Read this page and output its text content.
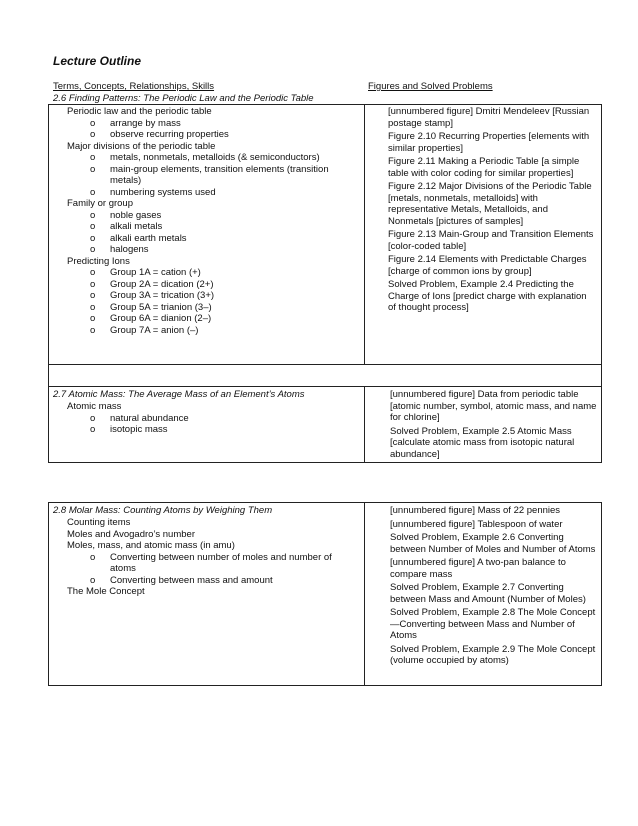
Lecture Outline
Terms, Concepts, Relationships, Skills	Figures and Solved Problems
2.6 Finding Patterns: The Periodic Law and the Periodic Table
Periodic law and the periodic table
o arrange by mass
o observe recurring properties
Major divisions of the periodic table
o metals, nonmetals, metalloids (& semiconductors)
o main-group elements, transition elements (transition metals)
o numbering systems used
Family or group
o noble gases
o alkali metals
o alkali earth metals
o halogens
Predicting Ions
o Group 1A = cation (+)
o Group 2A = dication (2+)
o Group 3A = trication (3+)
o Group 5A = trianion (3–)
o Group 6A = dianion (2–)
o Group 7A = anion (–)
[unnumbered figure] Dmitri Mendeleev [Russian postage stamp]
Figure 2.10 Recurring Properties [elements with similar properties]
Figure 2.11 Making a Periodic Table [a simple table with color coding for similar properties]
Figure 2.12 Major Divisions of the Periodic Table [metals, nonmetals, metalloids] with representative Metals, Metalloids, and Nonmetals [pictures of samples]
Figure 2.13 Main-Group and Transition Elements [color-coded table]
Figure 2.14 Elements with Predictable Charges [charge of common ions by group]
Solved Problem, Example 2.4 Predicting the Charge of Ions [predict charge with explanation of thought process]
2.7 Atomic Mass: The Average Mass of an Element’s Atoms
Atomic mass
o natural abundance
o isotopic mass
[unnumbered figure] Data from periodic table [atomic number, symbol, atomic mass, and name for chlorine]
Solved Problem, Example 2.5 Atomic Mass [calculate atomic mass from isotopic natural abundance]
2.8 Molar Mass: Counting Atoms by Weighing Them
Counting items
Moles and Avogadro’s number
Moles, mass, and atomic mass (in amu)
o Converting between number of moles and number of atoms
o Converting between mass and amount
The Mole Concept
[unnumbered figure] Mass of 22 pennies
[unnumbered figure] Tablespoon of water
Solved Problem, Example 2.6 Converting between Number of Moles and Number of Atoms
[unnumbered figure] A two-pan balance to compare mass
Solved Problem, Example 2.7 Converting between Mass and Amount (Number of Moles)
Solved Problem, Example 2.8 The Mole Concept—Converting between Mass and Number of Atoms
Solved Problem, Example 2.9 The Mole Concept (volume occupied by atoms)
